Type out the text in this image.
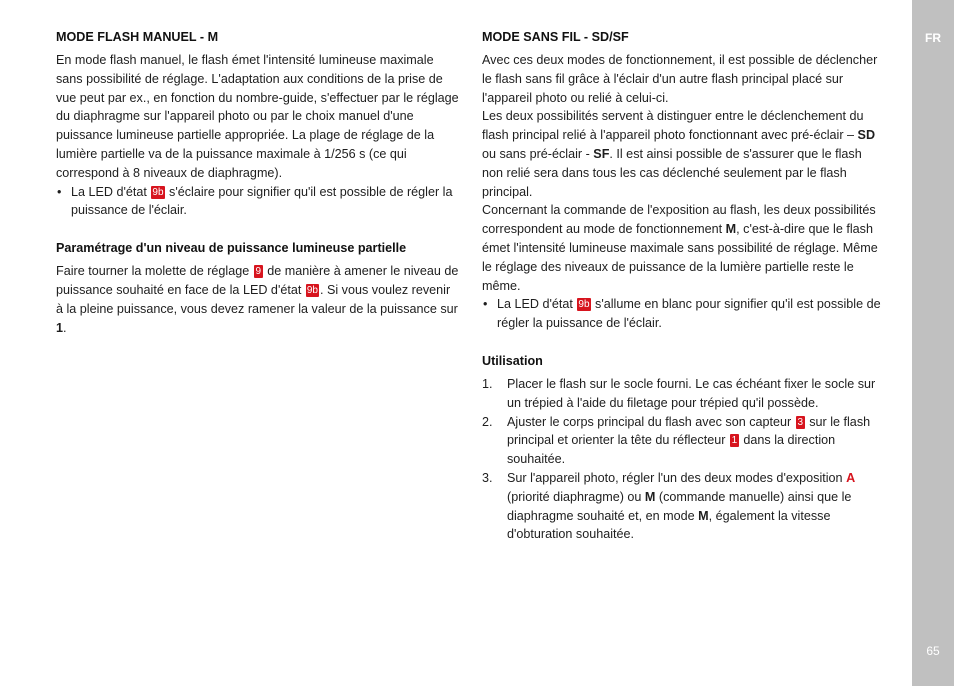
MODE FLASH MANUEL - M

En mode flash manuel, le flash émet l'intensité lumineuse maximale sans possibilité de réglage. L'adaptation aux conditions de la prise de vue peut par ex., en fonction du nombre-guide, s'effectuer par le réglage du diaphragme sur l'appareil photo ou par le choix manuel d'une puissance lumineuse partielle appropriée. La plage de réglage de la lumière partielle va de la puissance maximale à 1/256 s (ce qui correspond à 8 niveaux de diaphragme).

• La LED d'état 9b s'éclaire pour signifier qu'il est possible de régler la puissance de l'éclair.

Paramétrage d'un niveau de puissance lumineuse partielle

Faire tourner la molette de réglage 9 de manière à amener le niveau de puissance souhaité en face de la LED d'état 9b . Si vous voulez revenir à la pleine puissance, vous devez ramener la valeur de la puissance sur 1.

MODE SANS FIL - SD/SF

Avec ces deux modes de fonctionnement, il est possible de déclencher le flash sans fil grâce à l'éclair d'un autre flash principal placé sur l'appareil photo ou relié à celui-ci.

Les deux possibilités servent à distinguer entre le déclenchement du flash principal relié à l'appareil photo fonctionnant avec pré-éclair – SD ou sans pré-éclair - SF. Il est ainsi possible de s'assurer que le flash non relié sera dans tous les cas déclenché seulement par le flash principal.

Concernant la commande de l'exposition au flash, les deux possibilités correspondent au mode de fonctionnement M, c'est-à-dire que le flash émet l'intensité lumineuse maximale sans possibilité de réglage. Même le réglage des niveaux de puissance de la lumière partielle reste le même.

• La LED d'état 9b s'allume en blanc pour signifier qu'il est possible de régler la puissance de l'éclair.

Utilisation

1. Placer le flash sur le socle fourni. Le cas échéant fixer le socle sur un trépied à l'aide du filetage pour trépied qu'il possède.

2. Ajuster le corps principal du flash avec son capteur 3 sur le flash principal et orienter la tête du réflecteur 1 dans la direction souhaitée.

3. Sur l'appareil photo, régler l'un des deux modes d'exposition A (priorité diaphragme) ou M (commande manuelle) ainsi que le diaphragme souhaité et, en mode M, également la vitesse d'obturation souhaitée.

FR
65
